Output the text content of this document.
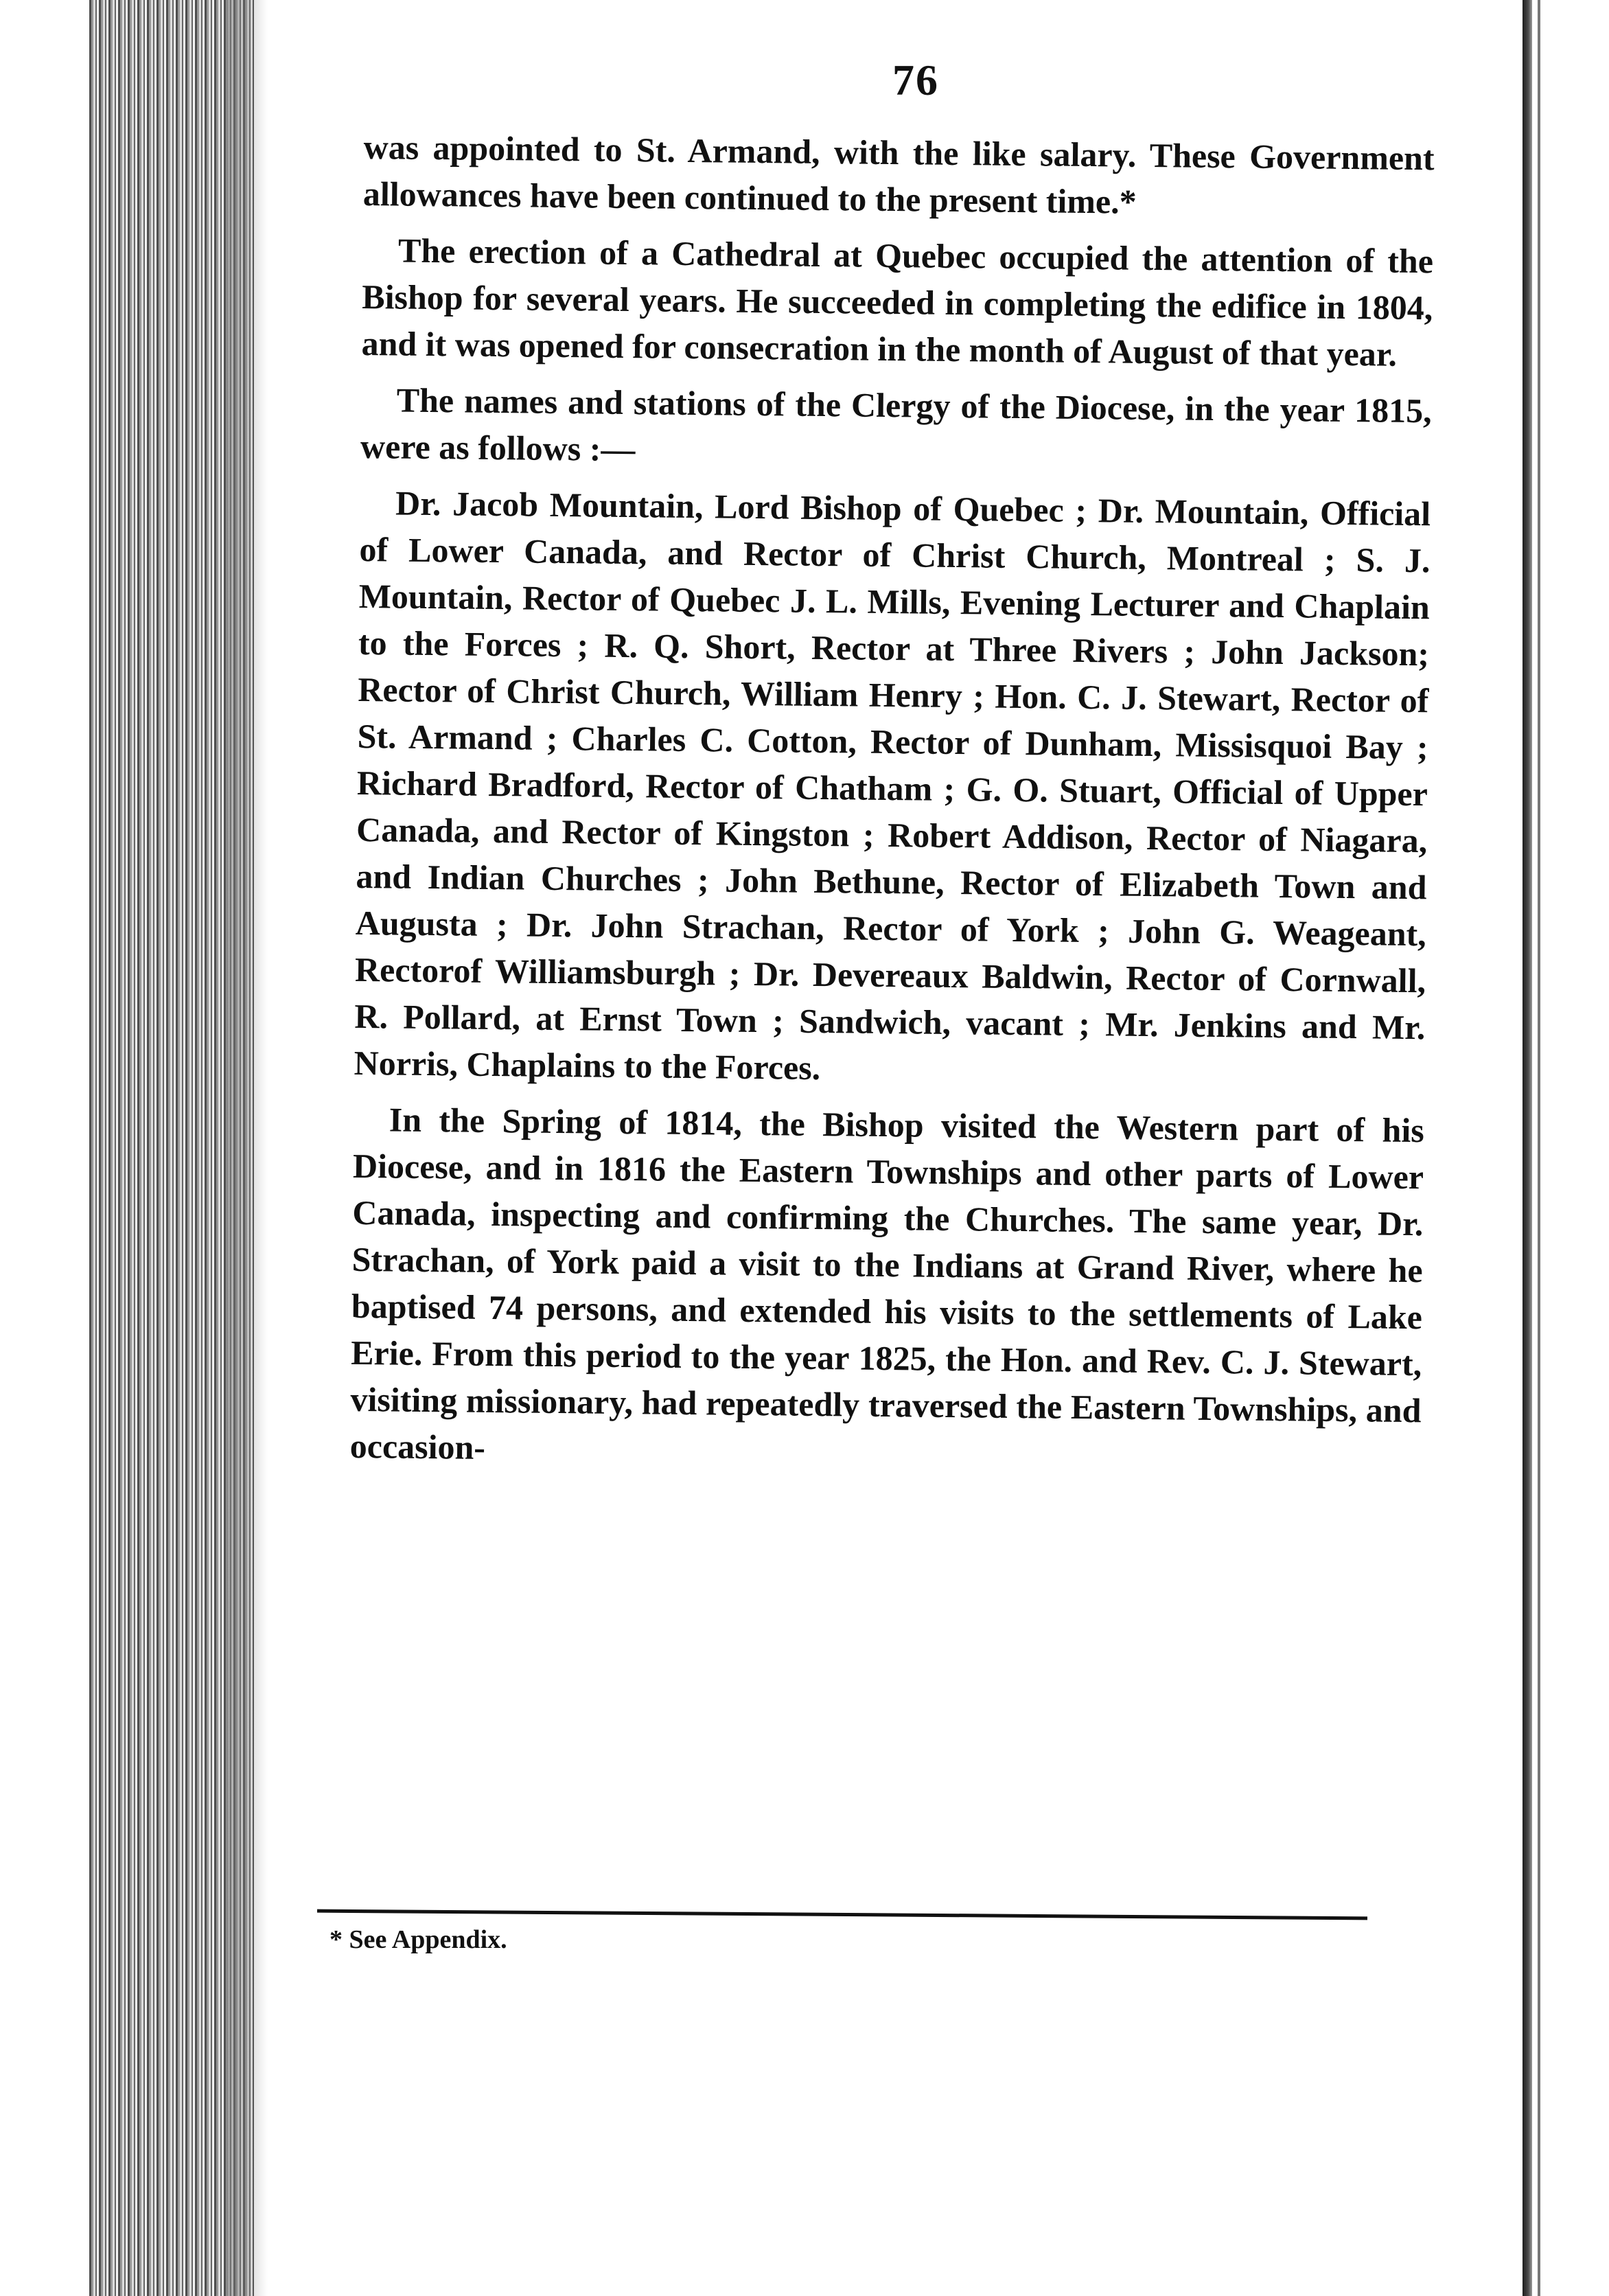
76

was appointed to St. Armand, with the like salary. These Government allowances have been continued to the present time.*

The erection of a Cathedral at Quebec occupied the attention of the Bishop for several years. He succeeded in completing the edifice in 1804, and it was opened for consecration in the month of August of that year.

The names and stations of the Clergy of the Diocese, in the year 1815, were as follows :—

Dr. Jacob Mountain, Lord Bishop of Quebec ; Dr. Mountain, Official of Lower Canada, and Rector of Christ Church, Montreal ; S. J. Mountain, Rector of Quebec J. L. Mills, Evening Lecturer and Chaplain to the Forces ; R. Q. Short, Rector at Three Rivers ; John Jackson; Rector of Christ Church, William Henry ; Hon. C. J. Stewart, Rector of St. Armand ; Charles C. Cotton, Rector of Dunham, Missisquoi Bay ; Richard Bradford, Rector of Chatham ; G. O. Stuart, Official of Upper Canada, and Rector of Kingston ; Robert Addison, Rector of Niagara, and Indian Churches ; John Bethune, Rector of Elizabeth Town and Augusta ; Dr. John Strachan, Rector of York ; John G. Weageant, Rectorof Williamsburgh ; Dr. Devereaux Baldwin, Rector of Cornwall, R. Pollard, at Ernst Town ; Sandwich, vacant ; Mr. Jenkins and Mr. Norris, Chaplains to the Forces.

In the Spring of 1814, the Bishop visited the Western part of his Diocese, and in 1816 the Eastern Townships and other parts of Lower Canada, inspecting and confirming the Churches. The same year, Dr. Strachan, of York paid a visit to the Indians at Grand River, where he baptised 74 persons, and extended his visits to the settlements of Lake Erie. From this period to the year 1825, the Hon. and Rev. C. J. Stewart, visiting missionary, had repeatedly traversed the Eastern Townships, and occasion-

* See Appendix.
